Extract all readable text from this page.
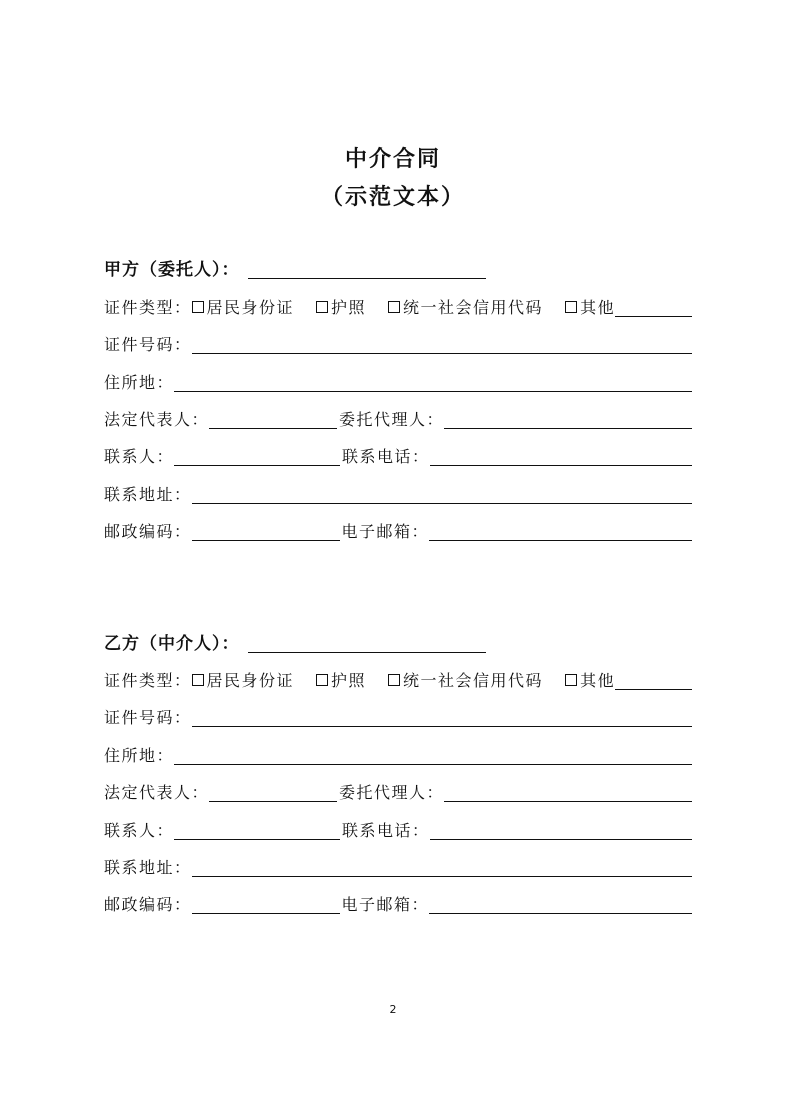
中介合同
（示范文本）
甲方（委托人）：
证件类型： 居民身份证 护照 统一社会信用代码 其他
证件号码：
住所地：
法定代表人：	委托代理人：
联系人：	联系电话：
联系地址：
邮政编码：	电子邮箱：
乙方（中介人）：
证件类型： 居民身份证 护照 统一社会信用代码 其他
证件号码：
住所地：
法定代表人：	委托代理人：
联系人：	联系电话：
联系地址：
邮政编码：	电子邮箱：
2
